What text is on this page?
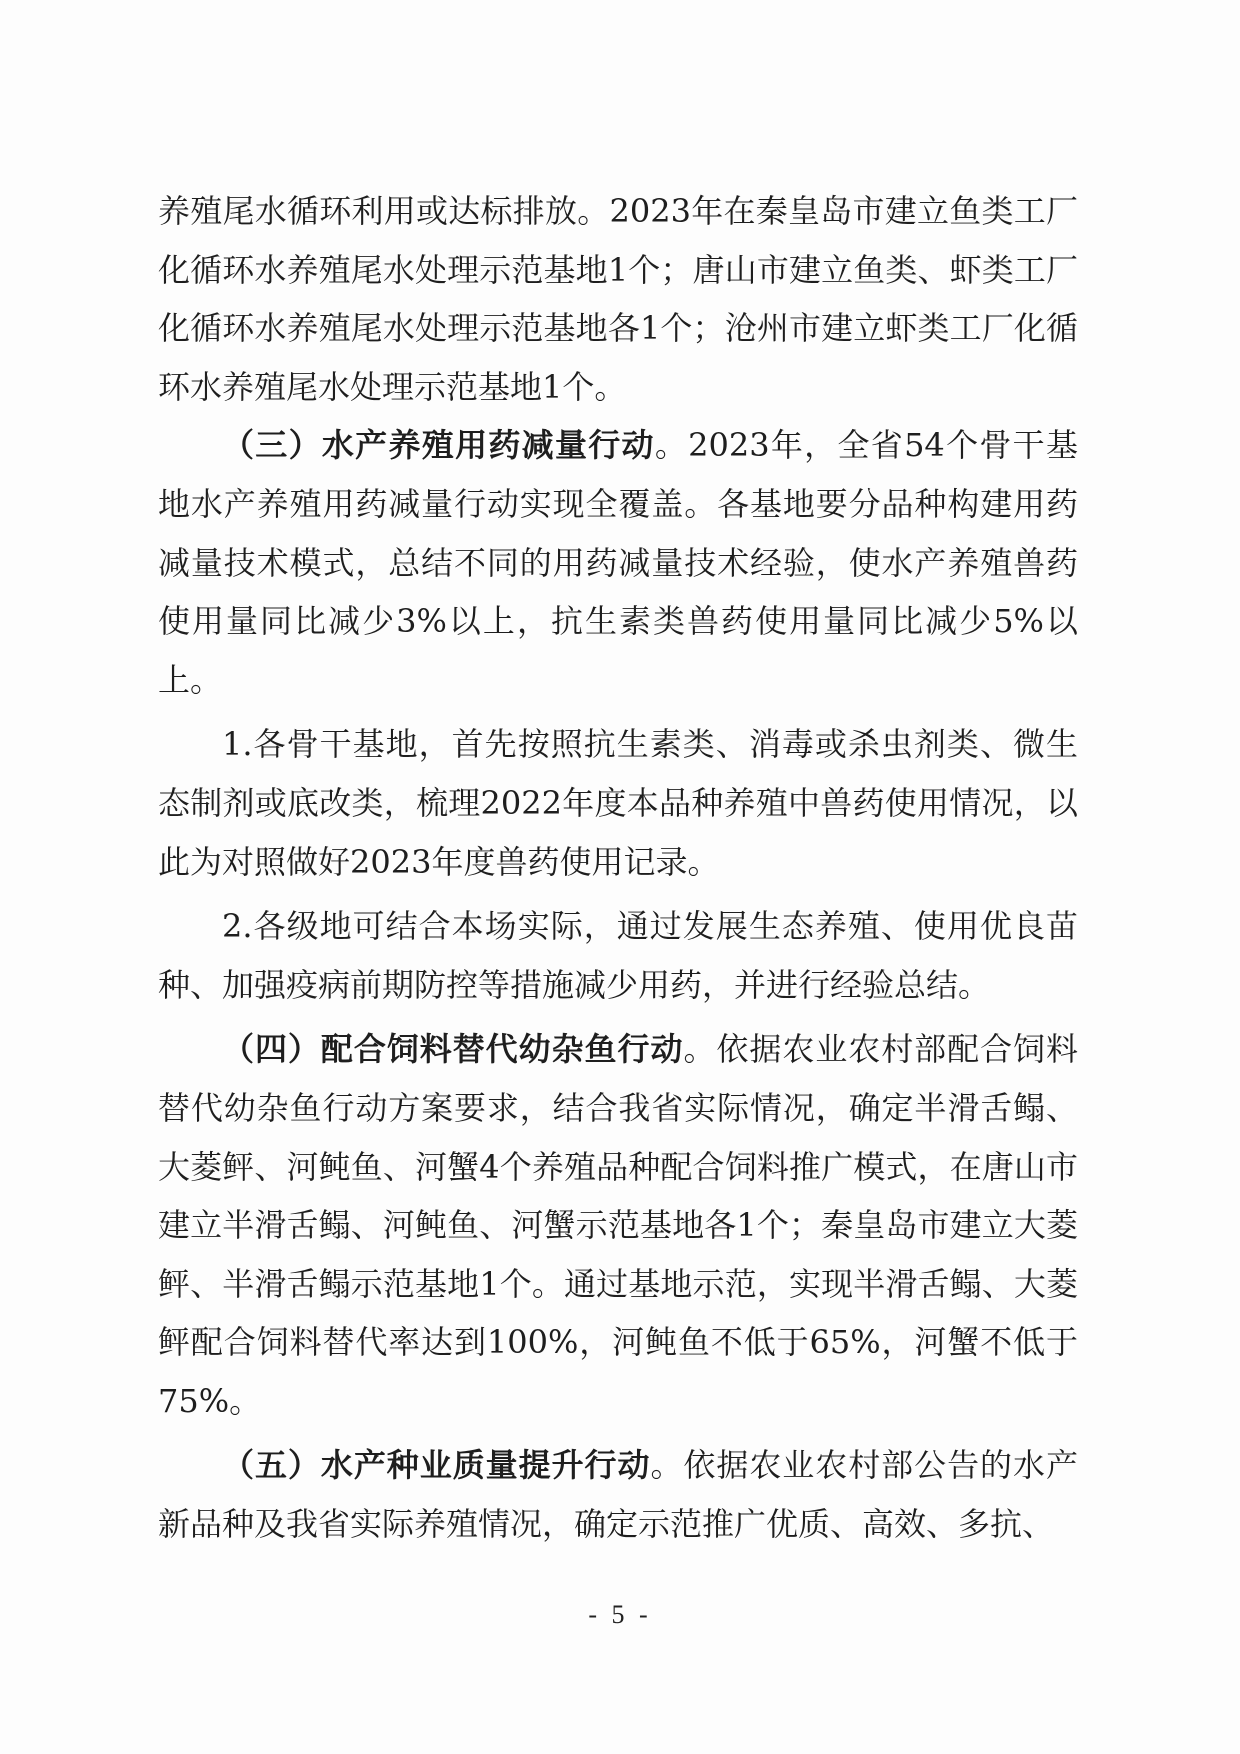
养殖尾水循环利用或达标排放。2023年在秦皇岛市建立鱼类工厂化循环水养殖尾水处理示范基地1个；唐山市建立鱼类、虾类工厂化循环水养殖尾水处理示范基地各1个；沧州市建立虾类工厂化循环水养殖尾水处理示范基地1个。

（三）水产养殖用药减量行动。2023年，全省54个骨干基地水产养殖用药减量行动实现全覆盖。各基地要分品种构建用药减量技术模式，总结不同的用药减量技术经验，使水产养殖兽药使用量同比减少3%以上，抗生素类兽药使用量同比减少5%以上。

1.各骨干基地，首先按照抗生素类、消毒或杀虫剂类、微生态制剂或底改类，梳理2022年度本品种养殖中兽药使用情况，以此为对照做好2023年度兽药使用记录。

2.各级地可结合本场实际，通过发展生态养殖、使用优良苗种、加强疫病前期防控等措施减少用药，并进行经验总结。

（四）配合饲料替代幼杂鱼行动。依据农业农村部配合饲料替代幼杂鱼行动方案要求，结合我省实际情况，确定半滑舌鳎、大菱鲆、河鲀鱼、河蟹4个养殖品种配合饲料推广模式，在唐山市建立半滑舌鳎、河鲀鱼、河蟹示范基地各1个；秦皇岛市建立大菱鲆、半滑舌鳎示范基地1个。通过基地示范，实现半滑舌鳎、大菱鲆配合饲料替代率达到100%，河鲀鱼不低于65%，河蟹不低于75%。

（五）水产种业质量提升行动。依据农业农村部公告的水产新品种及我省实际养殖情况，确定示范推广优质、高效、多抗、

- 5 -
